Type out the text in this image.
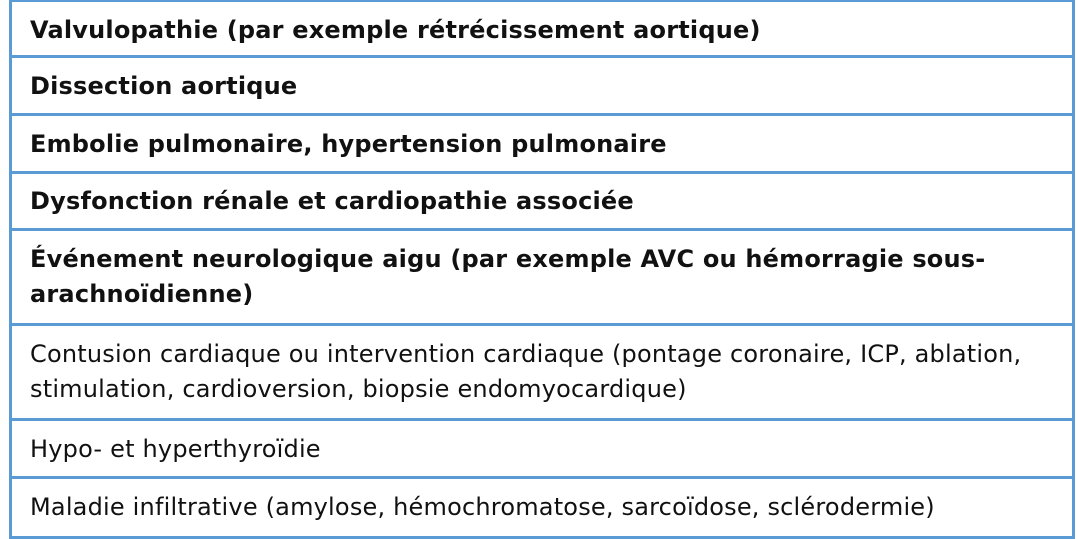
Valvulopathie (par exemple rétrécissement aortique)
Dissection aortique
Embolie pulmonaire, hypertension pulmonaire
Dysfonction rénale et cardiopathie associée
Événement neurologique aigu (par exemple AVC ou hémorragie sous-arachnoïdienne)
Contusion cardiaque ou intervention cardiaque (pontage coronaire, ICP, ablation, stimulation, cardioversion, biopsie endomyocardique)
Hypo- et hyperthyroïdie
Maladie infiltrative (amylose, hémochromatose, sarcoïdose, sclérodermie)
